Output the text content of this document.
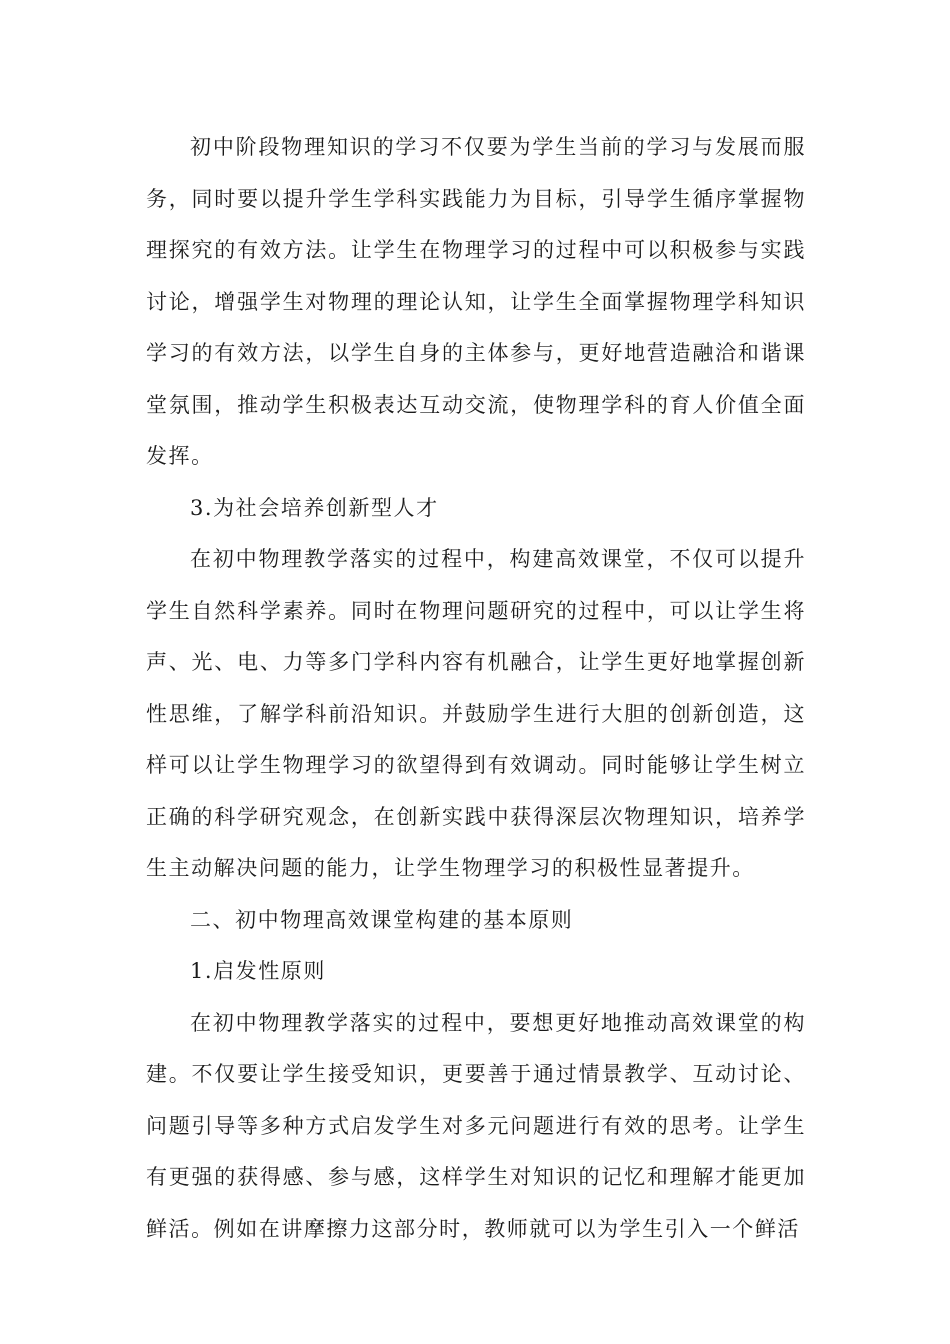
初中阶段物理知识的学习不仅要为学生当前的学习与发展而服务，同时要以提升学生学科实践能力为目标，引导学生循序掌握物理探究的有效方法。让学生在物理学习的过程中可以积极参与实践讨论，增强学生对物理的理论认知，让学生全面掌握物理学科知识学习的有效方法，以学生自身的主体参与，更好地营造融洽和谐课堂氛围，推动学生积极表达互动交流，使物理学科的育人价值全面发挥。

3.为社会培养创新型人才

在初中物理教学落实的过程中，构建高效课堂，不仅可以提升学生自然科学素养。同时在物理问题研究的过程中，可以让学生将声、光、电、力等多门学科内容有机融合，让学生更好地掌握创新性思维，了解学科前沿知识。并鼓励学生进行大胆的创新创造，这样可以让学生物理学习的欲望得到有效调动。同时能够让学生树立正确的科学研究观念，在创新实践中获得深层次物理知识，培养学生主动解决问题的能力，让学生物理学习的积极性显著提升。

二、初中物理高效课堂构建的基本原则

1.启发性原则

在初中物理教学落实的过程中，要想更好地推动高效课堂的构建。不仅要让学生接受知识，更要善于通过情景教学、互动讨论、问题引导等多种方式启发学生对多元问题进行有效的思考。让学生有更强的获得感、参与感，这样学生对知识的记忆和理解才能更加鲜活。例如在讲摩擦力这部分时，教师就可以为学生引入一个鲜活
